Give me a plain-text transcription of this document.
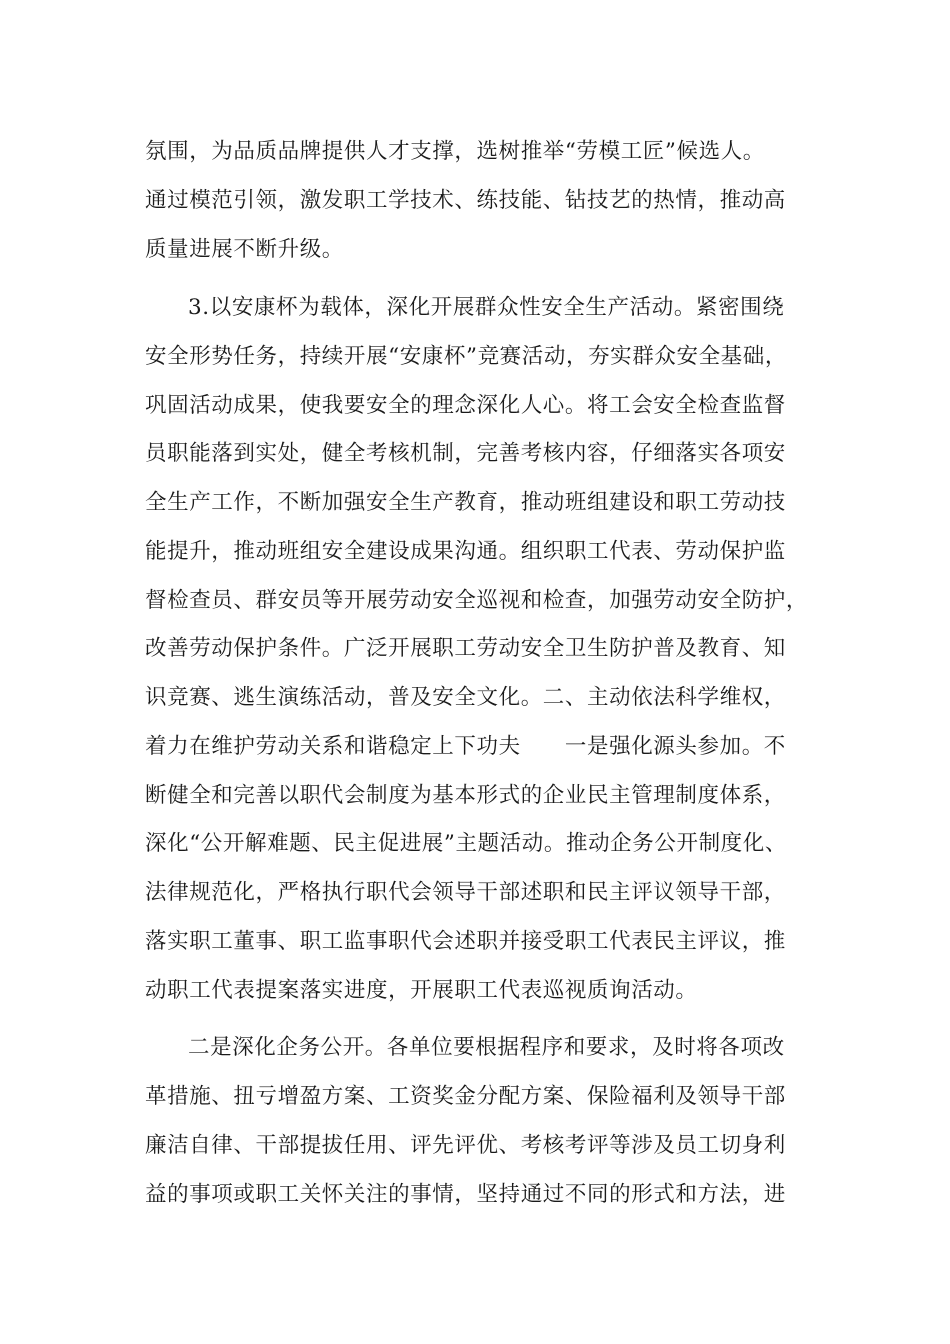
氛围，为品质品牌提供人才支撑，选树推举“劳模工匠”候选人。
通过模范引领，激发职工学技术、练技能、钻技艺的热情，推动高
质量进展不断升级。
3.以安康杯为载体，深化开展群众性安全生产活动。紧密围绕
安全形势任务，持续开展“安康杯”竞赛活动，夯实群众安全基础，
巩固活动成果，使我要安全的理念深化人心。将工会安全检查监督
员职能落到实处，健全考核机制，完善考核内容，仔细落实各项安
全生产工作，不断加强安全生产教育，推动班组建设和职工劳动技
能提升，推动班组安全建设成果沟通。组织职工代表、劳动保护监
督检查员、群安员等开展劳动安全巡视和检查，加强劳动安全防护，
改善劳动保护条件。广泛开展职工劳动安全卫生防护普及教育、知
识竞赛、逃生演练活动，普及安全文化。二、主动依法科学维权，
着力在维护劳动关系和谐稳定上下功夫　　一是强化源头参加。不
断健全和完善以职代会制度为基本形式的企业民主管理制度体系，
深化“公开解难题、民主促进展”主题活动。推动企务公开制度化、
法律规范化，严格执行职代会领导干部述职和民主评议领导干部，
落实职工董事、职工监事职代会述职并接受职工代表民主评议，推
动职工代表提案落实进度，开展职工代表巡视质询活动。
二是深化企务公开。各单位要根据程序和要求，及时将各项改
革措施、扭亏增盈方案、工资奖金分配方案、保险福利及领导干部
廉洁自律、干部提拔任用、评先评优、考核考评等涉及员工切身利
益的事项或职工关怀关注的事情，坚持通过不同的形式和方法，进
